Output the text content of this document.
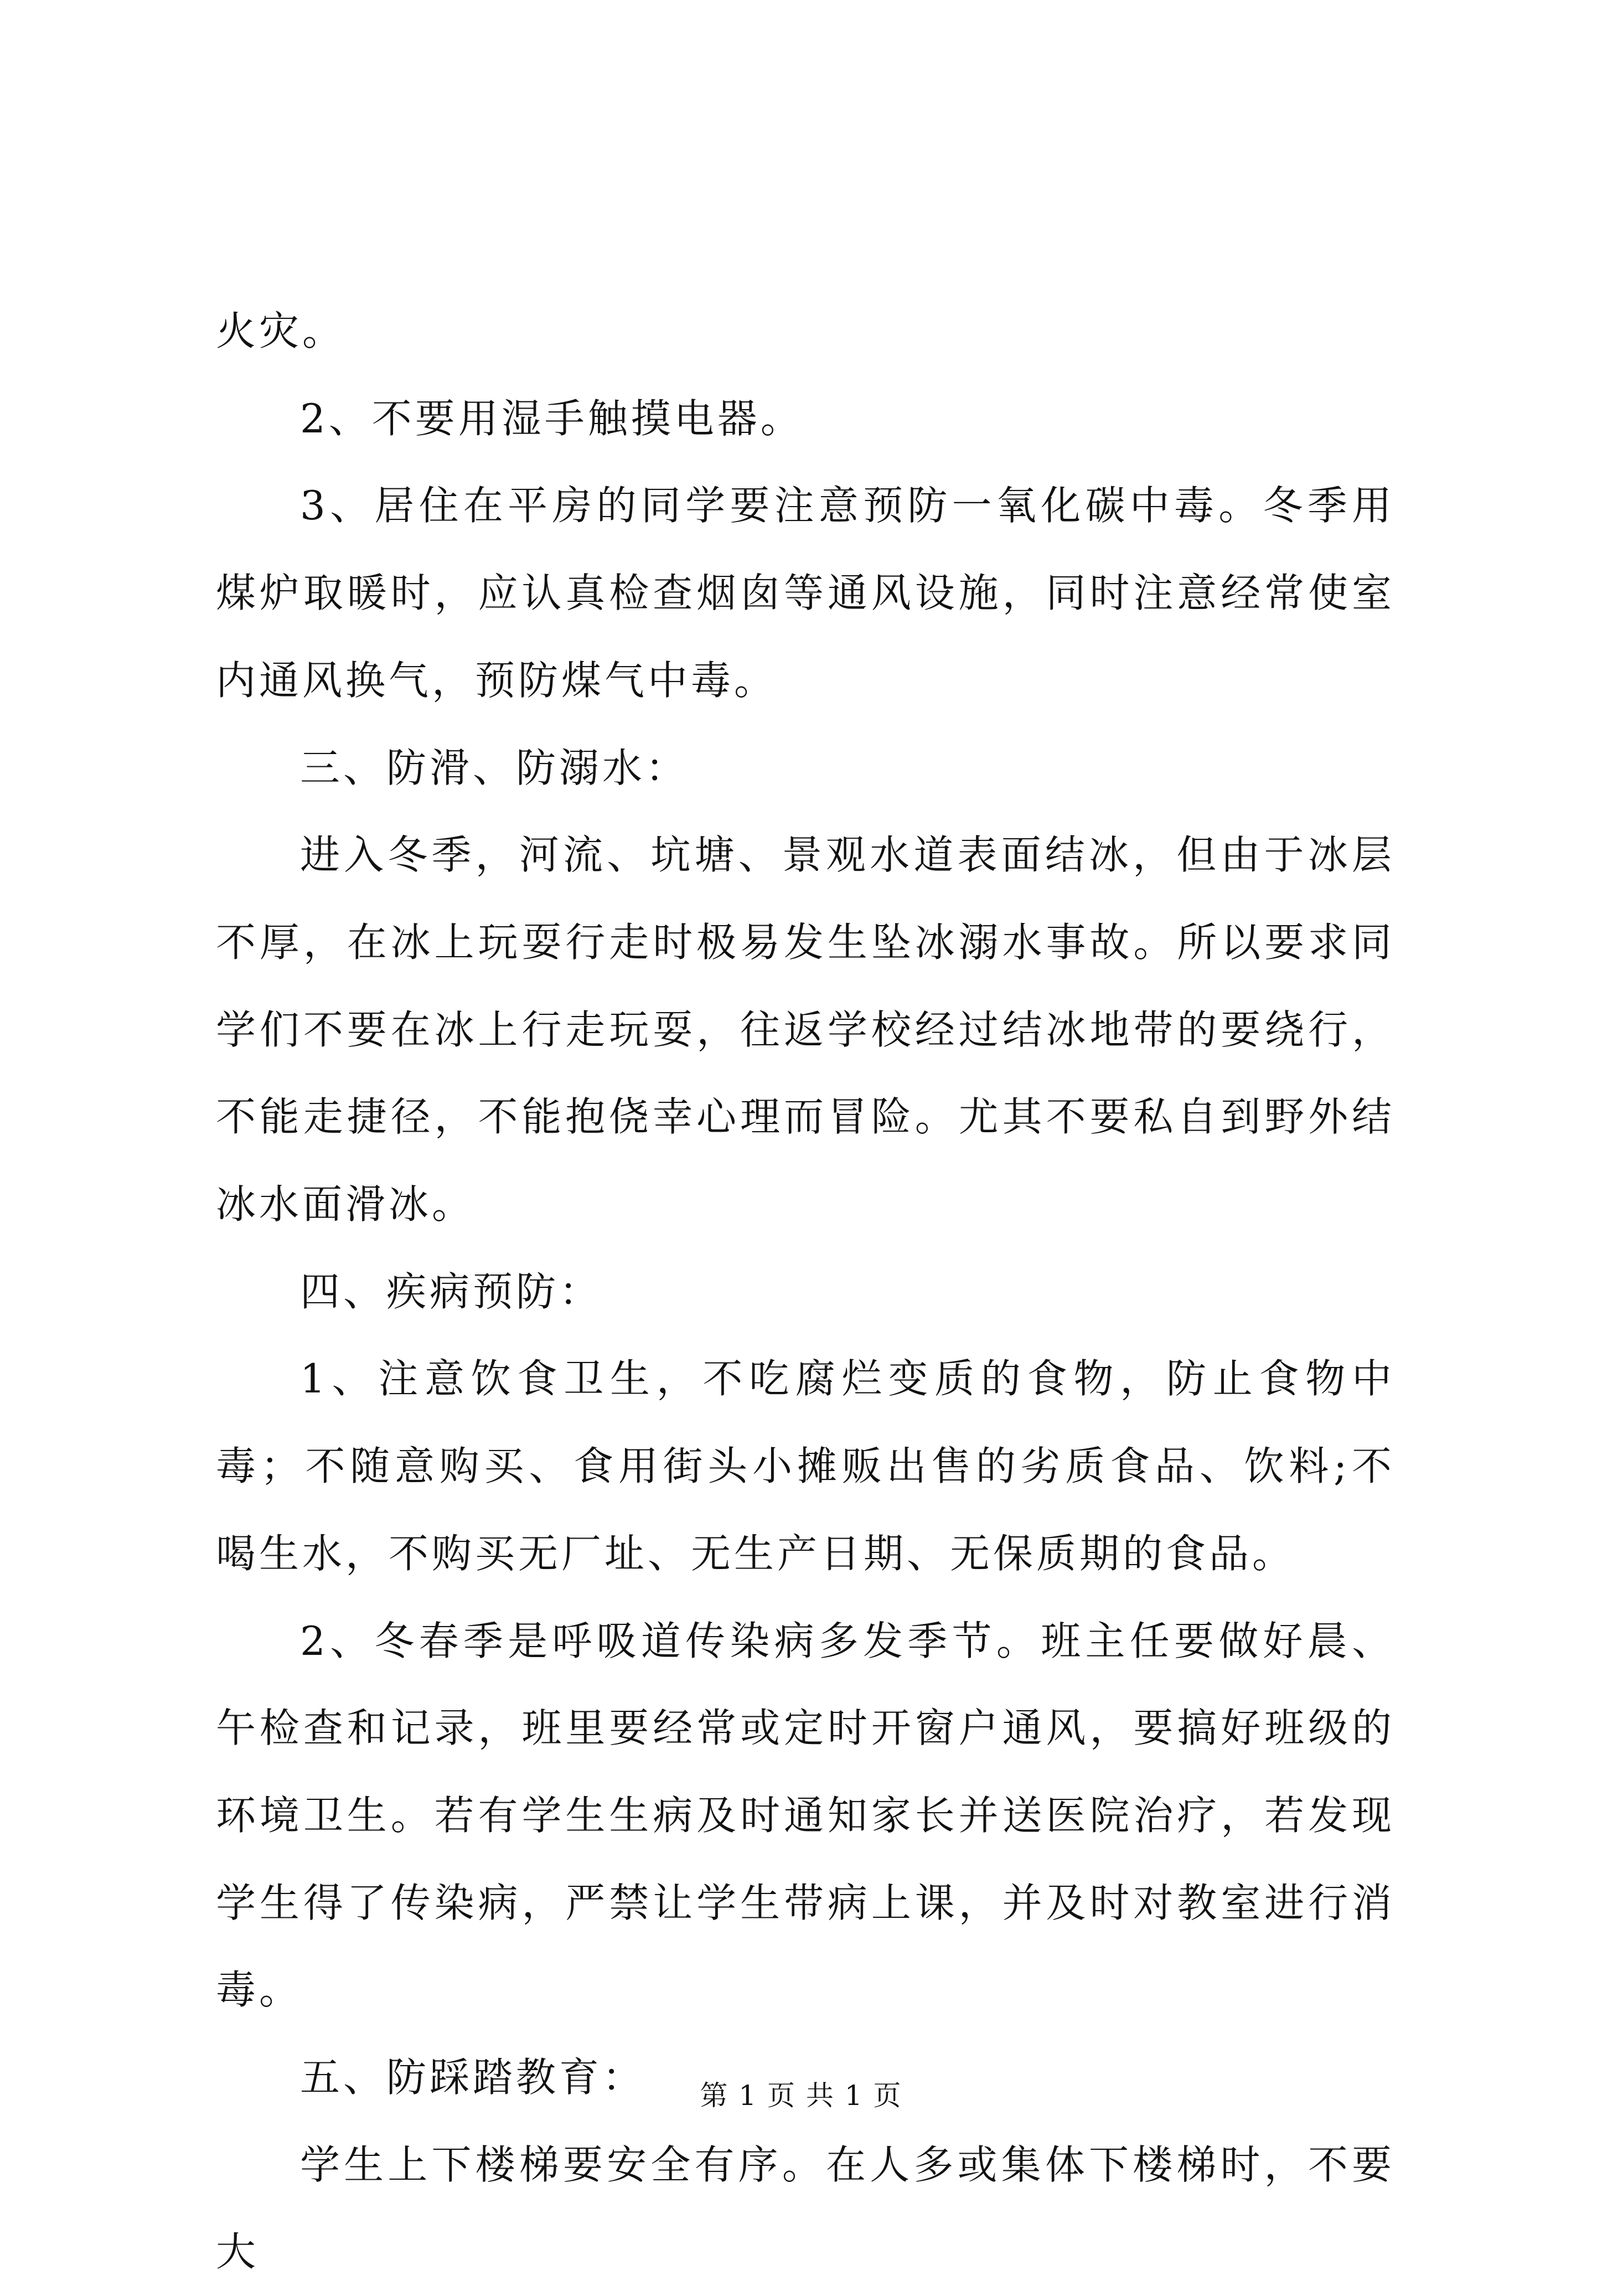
火灾。

2、不要用湿手触摸电器。

3、居住在平房的同学要注意预防一氧化碳中毒。冬季用煤炉取暖时，应认真检查烟囱等通风设施，同时注意经常使室内通风换气，预防煤气中毒。

三、防滑、防溺水：

进入冬季，河流、坑塘、景观水道表面结冰，但由于冰层不厚，在冰上玩耍行走时极易发生坠冰溺水事故。所以要求同学们不要在冰上行走玩耍，往返学校经过结冰地带的要绕行，不能走捷径，不能抱侥幸心理而冒险。尤其不要私自到野外结冰水面滑冰。

四、疾病预防：

1、注意饮食卫生，不吃腐烂变质的食物，防止食物中毒；不随意购买、食用街头小摊贩出售的劣质食品、饮料;不喝生水，不购买无厂址、无生产日期、无保质期的食品。

2、冬春季是呼吸道传染病多发季节。班主任要做好晨、午检查和记录，班里要经常或定时开窗户通风，要搞好班级的环境卫生。若有学生生病及时通知家长并送医院治疗，若发现学生得了传染病，严禁让学生带病上课，并及时对教室进行消毒。

五、防踩踏教育：

学生上下楼梯要安全有序。在人多或集体下楼梯时，不要大

第 1 页 共 1 页
